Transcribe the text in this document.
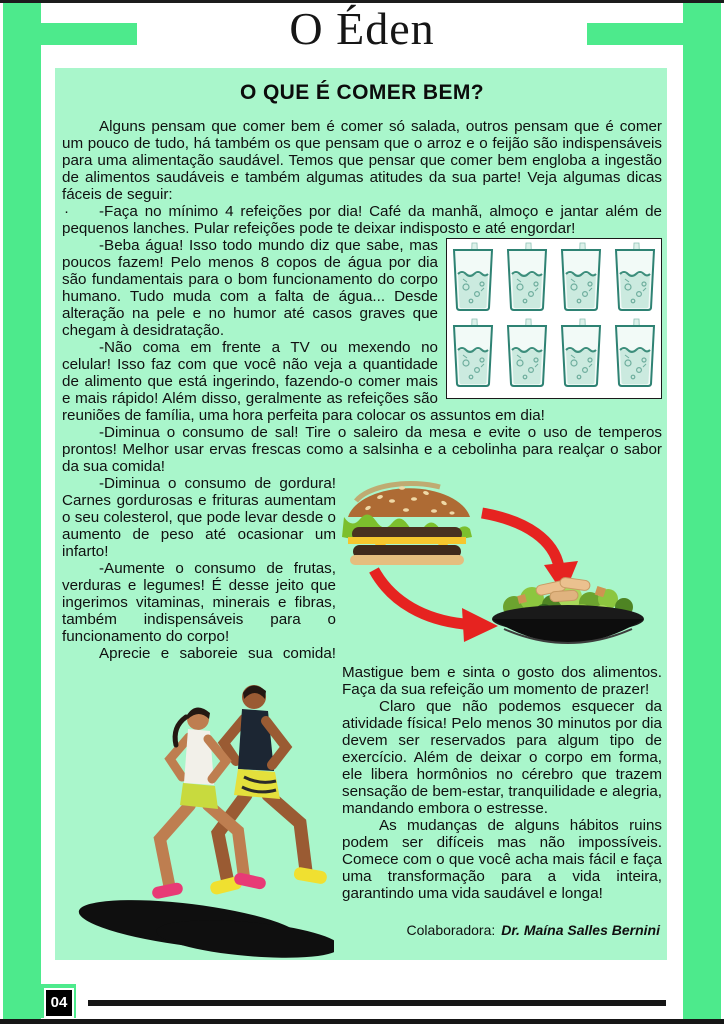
O Éden
O QUE É COMER BEM?

Alguns pensam que comer bem é comer só salada, outros pensam que é comer um pouco de tudo, há também os que pensam que o arroz e o feijão são indispensáveis para uma alimentação saudável. Temos que pensar que comer bem engloba a ingestão de alimentos saudáveis e também algumas atitudes da sua parte! Veja algumas dicas fáceis de seguir:

· -Faça no mínimo 4 refeições por dia! Café da manhã, almoço e jantar além de pequenos lanches. Pular refeições pode te deixar indisposto e até engordar!

-Beba água! Isso todo mundo diz que sabe, mas poucos fazem! Pelo menos 8 copos de água por dia são fundamentais para o bom funcionamento do corpo humano. Tudo muda com a falta de água... Desde alteração na pele e no humor até casos graves que chegam à desidratação.

-Não coma em frente a TV ou mexendo no celular! Isso faz com que você não veja a quantidade de alimento que está ingerindo, fazendo-o comer mais e mais rápido! Além disso, geralmente as refeições são reuniões de família, uma hora perfeita para colocar os assuntos em dia!

-Diminua o consumo de sal! Tire o saleiro da mesa e evite o uso de temperos prontos! Melhor usar ervas frescas como a salsinha e a cebolinha para realçar o sabor da sua comida!

-Diminua o consumo de gordura! Carnes gordurosas e frituras aumentam o seu colesterol, que pode levar desde o aumento de peso até ocasionar um infarto!

-Aumente o consumo de frutas, verduras e legumes! É desse jeito que ingerimos vitaminas, minerais e fibras, também indispensáveis para o funcionamento do corpo!

Aprecie e saboreie sua comida! Mastigue bem e sinta o gosto dos alimentos. Faça da sua refeição um momento de prazer!

Claro que não podemos esquecer da atividade física! Pelo menos 30 minutos por dia devem ser reservados para algum tipo de exercício. Além de deixar o corpo em forma, ele libera hormônios no cérebro que trazem sensação de bem-estar, tranquilidade e alegria, mandando embora o estresse.

As mudanças de alguns hábitos ruins podem ser difíceis mas não impossíveis. Comece com o que você acha mais fácil e faça uma transformação para a vida inteira, garantindo uma vida saudável e longa!

Colaboradora: Dr. Maína Salles Bernini

04
